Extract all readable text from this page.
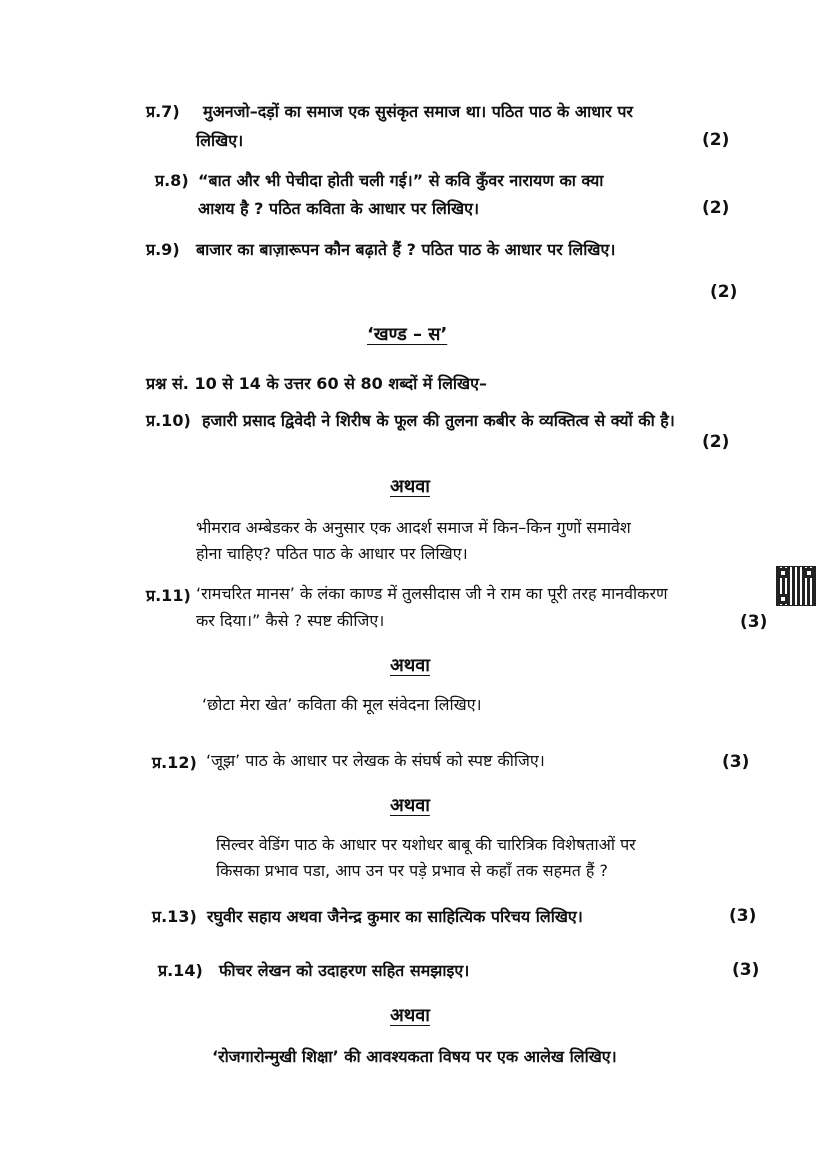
प्र.7) मुअनजो–दड़ों का समाज एक सुसंकृत समाज था। पठित पाठ के आधार पर
लिखिए।	(2)
प्र.8) “बात और भी पेचीदा होती चली गई।” से कवि कुँवर नारायण का क्या
आशय है ? पठित कविता के आधार पर लिखिए।	(2)
प्र.9) बाजार का बाज़ारूपन कौन बढ़ाते हैं ? पठित पाठ के आधार पर लिखिए।
(2)
‘खण्ड – स’
प्रश्न सं. 10 से 14 के उत्तर 60 से 80 शब्दों में लिखिए–
प्र.10) हजारी प्रसाद द्विवेदी ने शिरीष के फूल की तुलना कबीर के व्यक्तित्व से क्यों की है।
(2)
अथवा
भीमराव अम्बेडकर के अनुसार एक आदर्श समाज में किन–किन गुणों समावेश
होना चाहिए? पठित पाठ के आधार पर लिखिए।
प्र.11) ‘रामचरित मानस’ के लंका काण्ड में तुलसीदास जी ने राम का पूरी तरह मानवीकरण
कर दिया।” कैसे ? स्पष्ट कीजिए।	(3)
अथवा
‘छोटा मेरा खेत’ कविता की मूल संवेदना लिखिए।
प्र.12) ‘जूझ’ पाठ के आधार पर लेखक के संघर्ष को स्पष्ट कीजिए।	(3)
अथवा
सिल्वर वेडिंग पाठ के आधार पर यशोधर बाबू की चारित्रिक विशेषताओं पर
किसका प्रभाव पडा, आप उन पर पड़े प्रभाव से कहाँ तक सहमत हैं ?
प्र.13) रघुवीर सहाय अथवा जैनेन्द्र कुमार का साहित्यिक परिचय लिखिए।	(3)
प्र.14) फीचर लेखन को उदाहरण सहित समझाइए।	(3)
अथवा
‘रोजगारोन्मुखी शिक्षा’ की आवश्यकता विषय पर एक आलेख लिखिए।
